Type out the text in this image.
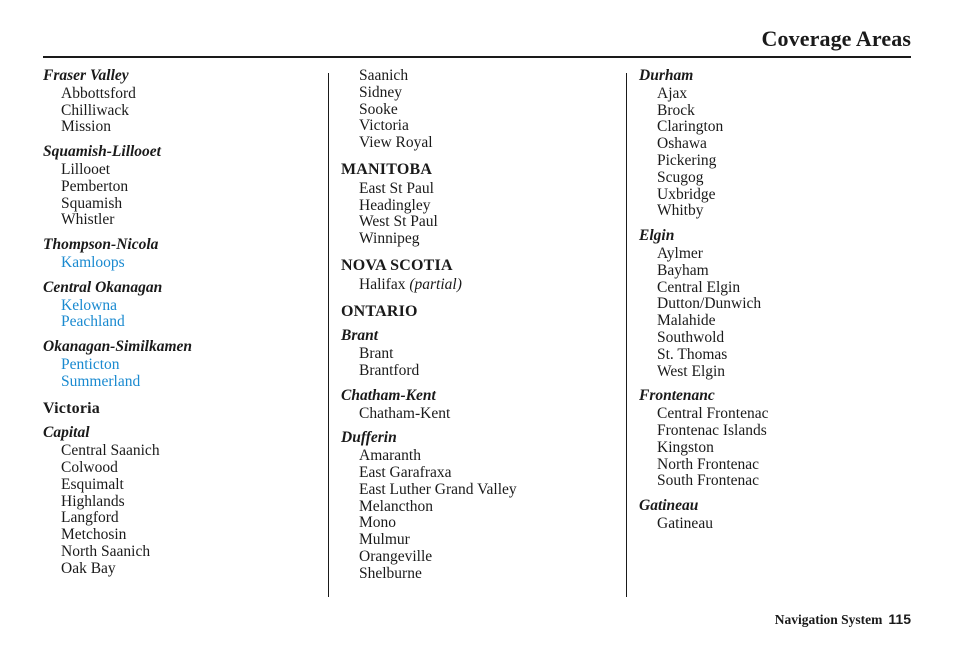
Coverage Areas
Fraser Valley
Abbottsford
Chilliwack
Mission
Squamish-Lillooet
Lillooet
Pemberton
Squamish
Whistler
Thompson-Nicola
Kamloops
Central Okanagan
Kelowna
Peachland
Okanagan-Similkamen
Penticton
Summerland
Victoria
Capital
Central Saanich
Colwood
Esquimalt
Highlands
Langford
Metchosin
North Saanich
Oak Bay
Saanich
Sidney
Sooke
Victoria
View Royal
MANITOBA
East St Paul
Headingley
West St Paul
Winnipeg
NOVA SCOTIA
Halifax (partial)
ONTARIO
Brant
Brant
Brantford
Chatham-Kent
Chatham-Kent
Dufferin
Amaranth
East Garafraxa
East Luther Grand Valley
Melancthon
Mono
Mulmur
Orangeville
Shelburne
Durham
Ajax
Brock
Clarington
Oshawa
Pickering
Scugog
Uxbridge
Whitby
Elgin
Aylmer
Bayham
Central Elgin
Dutton/Dunwich
Malahide
Southwold
St. Thomas
West Elgin
Frontenanc
Central Frontenac
Frontenac Islands
Kingston
North Frontenac
South Frontenac
Gatineau
Gatineau
Navigation System 115
